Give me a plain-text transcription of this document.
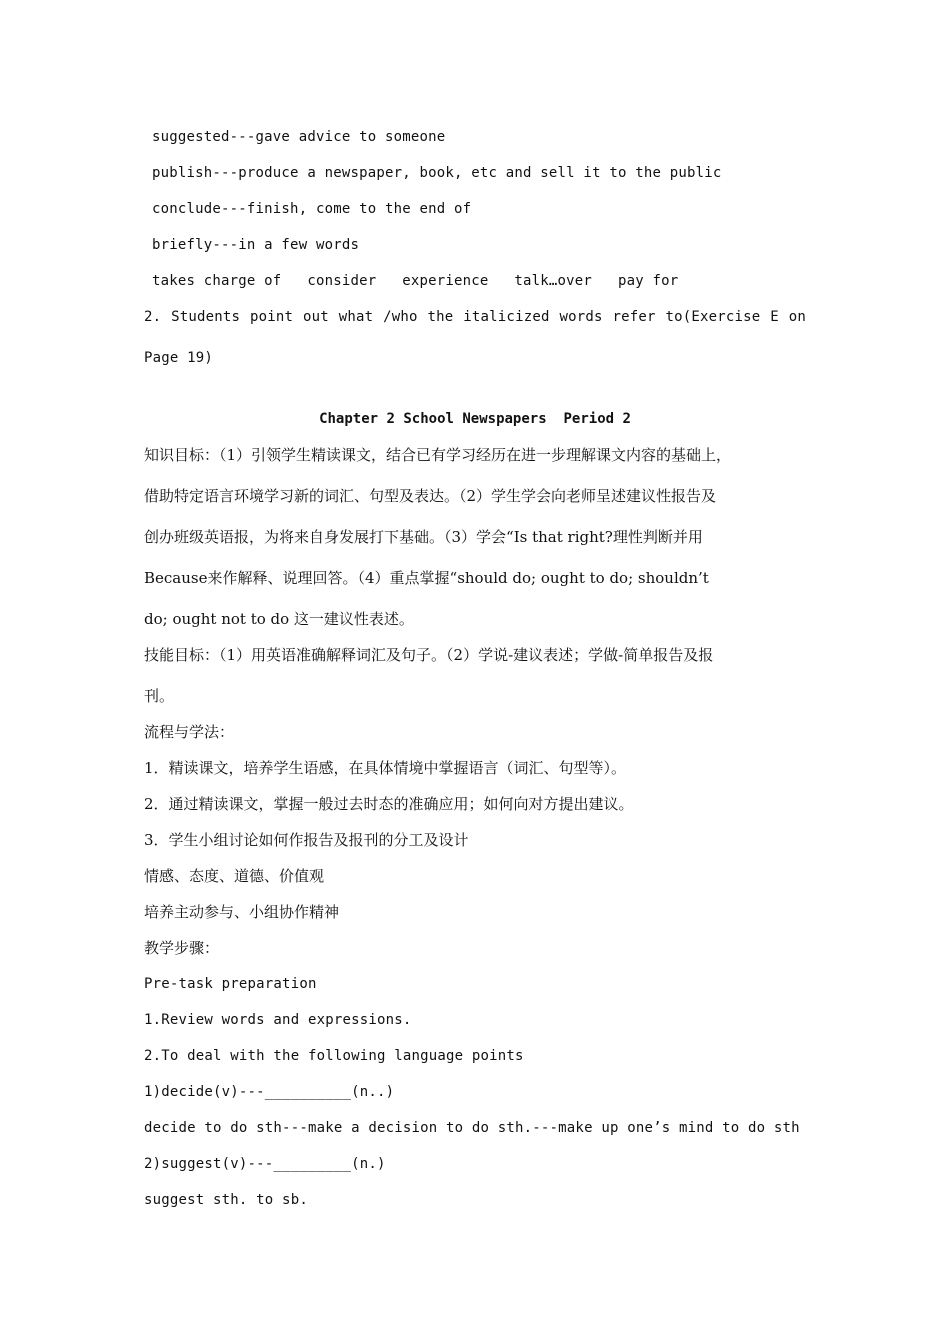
suggested---gave advice to someone
publish---produce a newspaper, book, etc and sell it to the public
conclude---finish, come to the end of
briefly---in a few words
takes charge of   consider   experience   talk…over   pay for
2. Students point out what /who the italicized words refer to(Exercise E on
Page 19)
Chapter 2 School Newspapers  Period 2
知识目标：（1）引领学生精读课文，结合已有学习经历在进一步理解课文内容的基础上，
借助特定语言环境学习新的词汇、句型及表达。（2）学生学会向老师呈述建议性报告及
创办班级英语报，为将来自身发展打下基础。（3）学会“Is that right?理性判断并用
Because来作解释、说理回答。（4）重点掌握“should do; ought to do; shouldn’t
do; ought not to do 这一建议性表述。
技能目标：（1）用英语准确解释词汇及句子。（2）学说-建议表述；学做-简单报告及报
刊。
流程与学法：
1．精读课文，培养学生语感，在具体情境中掌握语言（词汇、句型等）。
2．通过精读课文，掌握一般过去时态的准确应用；如何向对方提出建议。
3．学生小组讨论如何作报告及报刊的分工及设计
情感、态度、道德、价值观
培养主动参与、小组协作精神
教学步骤：
Pre-task preparation
1.Review words and expressions.
2.To deal with the following language points
1)decide(v)---__________(n..)
decide to do sth---make a decision to do sth.---make up one’s mind to do sth
2)suggest(v)---_________(n.)
suggest sth. to sb.
